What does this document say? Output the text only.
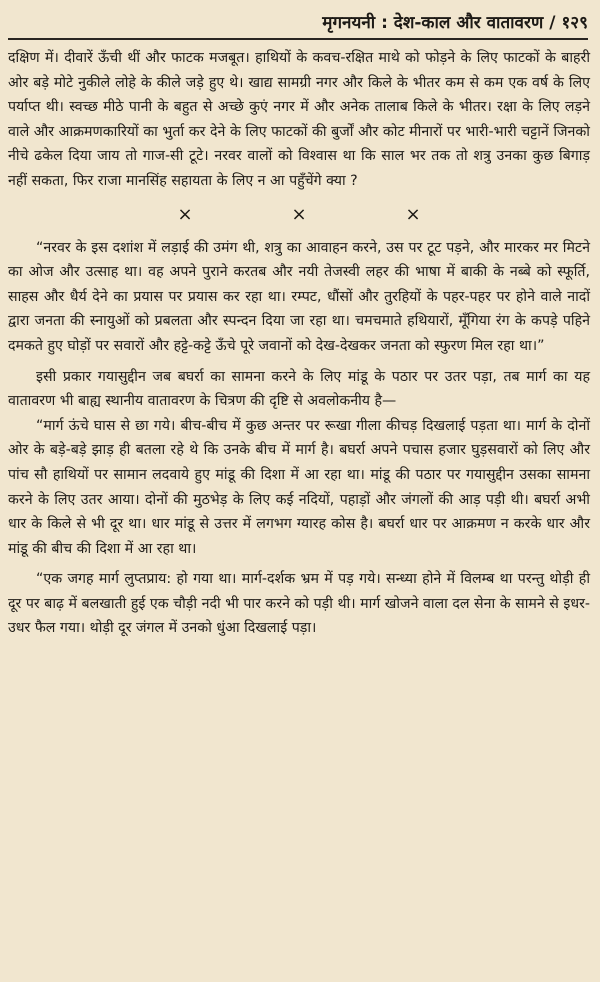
मृगनयनी : देश-काल और वातावरण / १२९

दक्षिण में। दीवारें ऊँची थीं और फाटक मजबूत। हाथियों के कवच-रक्षित माथे को फोड़ने के लिए फाटकों के बाहरी ओर बड़े मोटे नुकीले लोहे के कीले जड़े हुए थे। खाद्य सामग्री नगर और किले के भीतर कम से कम एक वर्ष के लिए पर्याप्त थी। स्वच्छ मीठे पानी के बहुत से अच्छे कुएं नगर में और अनेक तालाब किले के भीतर। रक्षा के लिए लड़ने वाले और आक्रमणकारियों का भुर्ता कर देने के लिए फाटकों की बुर्जों और कोट मीनारों पर भारी-भारी चट्टानें जिनको नीचे ढकेल दिया जाय तो गाज-सी टूटे। नरवर वालों को विश्वास था कि साल भर तक तो शत्रु उनका कुछ बिगाड़ नहीं सकता, फिर राजा मानसिंह सहायता के लिए न आ पहुँचेंगे क्या ?

×	×	×

“नरवर के इस दशांश में लड़ाई की उमंग थी, शत्रु का आवाहन करने, उस पर टूट पड़ने, और मारकर मर मिटने का ओज और उत्साह था। वह अपने पुराने करतब और नयी तेजस्वी लहर की भाषा में बाकी के नब्बे को स्फूर्ति, साहस और धैर्य देने का प्रयास पर प्रयास कर रहा था। रम्पट, धौंसों और तुरहियों के पहर-पहर पर होने वाले नादों द्वारा जनता की स्नायुओं को प्रबलता और स्पन्दन दिया जा रहा था। चमचमाते हथियारों, मूँगिया रंग के कपड़े पहिने दमकते हुए घोड़ों पर सवारों और हट्टे-कट्टे ऊँचे पूरे जवानों को देख-देखकर जनता को स्फुरण मिल रहा था।”

इसी प्रकार गयासुद्दीन जब बघर्रा का सामना करने के लिए मांडू के पठार पर उतर पड़ा, तब मार्ग का यह वातावरण भी बाह्य स्थानीय वातावरण के चित्रण की दृष्टि से अवलोकनीय है—

“मार्ग ऊंचे घास से छा गये। बीच-बीच में कुछ अन्तर पर रूखा गीला कीचड़ दिखलाई पड़ता था। मार्ग के दोनों ओर के बड़े-बड़े झाड़ ही बतला रहे थे कि उनके बीच में मार्ग है। बघर्रा अपने पचास हजार घुड़सवारों को लिए और पांच सौ हाथियों पर सामान लदवाये हुए मांडू की दिशा में आ रहा था। मांडू की पठार पर गयासुद्दीन उसका सामना करने के लिए उतर आया। दोनों की मुठभेड़ के लिए कई नदियों, पहाड़ों और जंगलों की आड़ पड़ी थी। बघर्रा अभी धार के किले से भी दूर था। धार मांडू से उत्तर में लगभग ग्यारह कोस है। बघर्रा धार पर आक्रमण न करके धार और मांडू की बीच की दिशा में आ रहा था।

“एक जगह मार्ग लुप्तप्राय: हो गया था। मार्ग-दर्शक भ्रम में पड़ गये। सन्ध्या होने में विलम्ब था परन्तु थोड़ी ही दूर पर बाढ़ में बलखाती हुई एक चौड़ी नदी भी पार करने को पड़ी थी। मार्ग खोजने वाला दल सेना के सामने से इधर-उधर फैल गया। थोड़ी दूर जंगल में उनको धुंआ दिखलाई पड़ा।
